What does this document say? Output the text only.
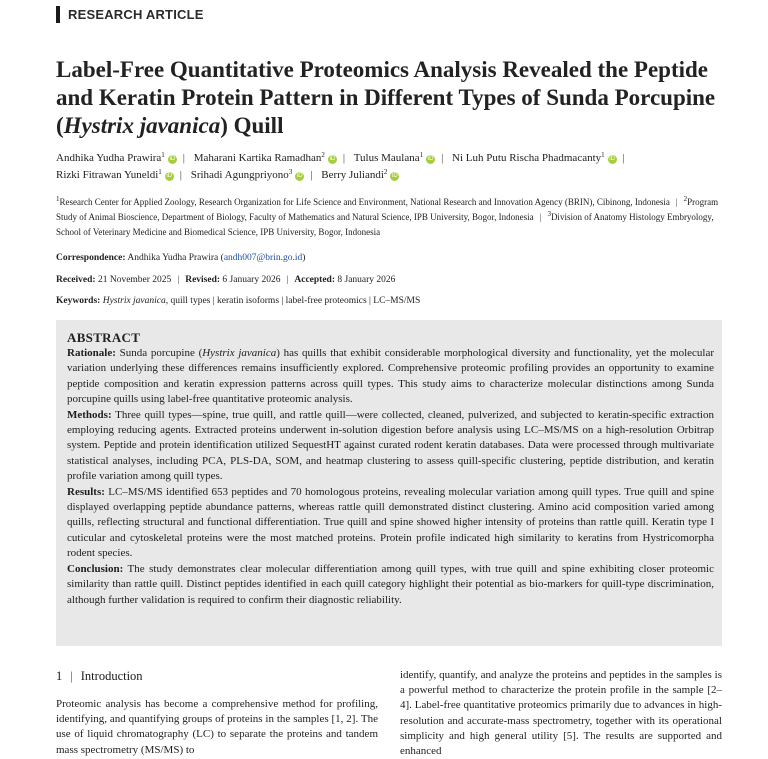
RESEARCH ARTICLE
Label-Free Quantitative Proteomics Analysis Revealed the Peptide and Keratin Protein Pattern in Different Types of Sunda Porcupine (Hystrix javanica) Quill
Andhika Yudha Prawira$^1$ iD | Maharani Kartika Ramadhan$^2$ iD | Tulus Maulana$^1$ iD | Ni Luh Putu Rischa Phadmacanty$^1$ iD |
Rizki Fitrawan Yuneldi$^1$ iD | Srihadi Agungpriyono$^3$ iD | Berry Juliandi$^2$ iD
$^1$Research Center for Applied Zoology, Research Organization for Life Science and Environment, National Research and Innovation Agency (BRIN), Cibinong, Indonesia | $^2$Program Study of Animal Bioscience, Department of Biology, Faculty of Mathematics and Natural Science, IPB University, Bogor, Indonesia | $^3$Division of Anatomy Histology Embryology, School of Veterinary Medicine and Biomedical Science, IPB University, Bogor, Indonesia
Correspondence: Andhika Yudha Prawira (andh007@brin.go.id)
Received: 21 November 2025 | Revised: 6 January 2026 | Accepted: 8 January 2026
Keywords: Hystrix javanica, quill types | keratin isoforms | label-free proteomics | LC–MS/MS
ABSTRACT

Rationale: Sunda porcupine (Hystrix javanica) has quills that exhibit considerable morphological diversity and functionality, yet the molecular variation underlying these differences remains insufficiently explored. Comprehensive proteomic profiling provides an opportunity to examine peptide composition and keratin expression patterns across quill types. This study aims to characterize molecular distinctions among Sunda porcupine quills using label-free quantitative proteomic analysis.

Methods: Three quill types—spine, true quill, and rattle quill—were collected, cleaned, pulverized, and subjected to keratin-specific extraction employing reducing agents. Extracted proteins underwent in-solution digestion before analysis using LC–MS/MS on a high-resolution Orbitrap system. Peptide and protein identification utilized SequestHT against curated rodent keratin databases. Data were processed through multivariate statistical analyses, including PCA, PLS-DA, SOM, and heatmap clustering to assess quill-specific clustering, peptide distribution, and keratin profile variation among quill types.

Results: LC–MS/MS identified 653 peptides and 70 homologous proteins, revealing molecular variation among quill types. True quill and spine displayed overlapping peptide abundance patterns, whereas rattle quill demonstrated distinct clustering. Amino acid composition varied among quills, reflecting structural and functional differentiation. True quill and spine showed higher intensity of proteins than rattle quill. Keratin type I cuticular and cytoskeletal proteins were the most matched proteins. Protein profile indicated high similarity to keratins from Hystricomorpha rodent species.

Conclusion: The study demonstrates clear molecular differentiation among quill types, with true quill and spine exhibiting closer proteomic similarity than rattle quill. Distinct peptides identified in each quill category highlight their potential as bio-markers for quill-type discrimination, although further validation is required to confirm their diagnostic reliability.

1 | Introduction
Proteomic analysis has become a comprehensive method for profiling, identifying, and quantifying groups of proteins in the samples [1, 2]. The use of liquid chromatography (LC) to separate the proteins and tandem mass spectrometry (MS/MS) to
identify, quantify, and analyze the proteins and peptides in the samples is a powerful method to characterize the protein profile in the sample [2–4]. Label-free quantitative proteomics primarily due to advances in high-resolution and accurate-mass spectrometry, together with its operational simplicity and high general utility [5]. The results are supported and enhanced
